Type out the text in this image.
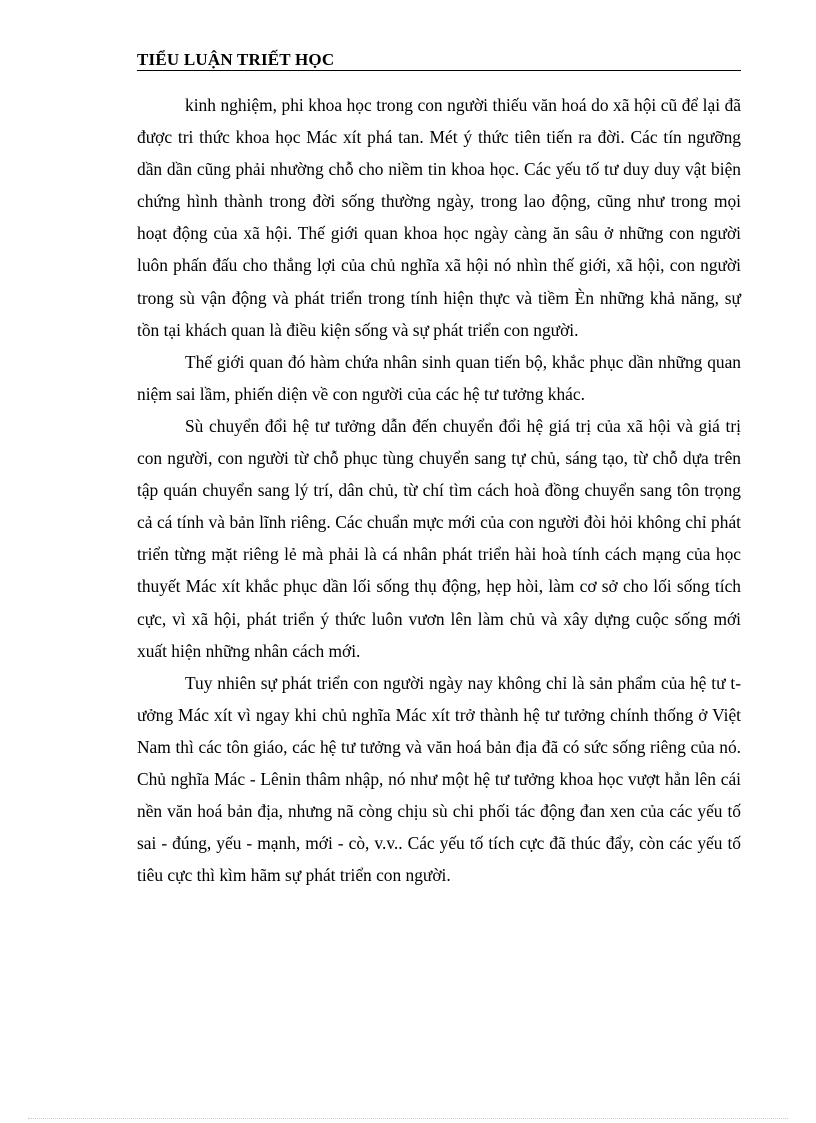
TIỂU LUẬN TRIẾT HỌC

kinh nghiệm, phi khoa học trong con người thiếu văn hoá do xã hội cũ để lại đã được tri thức khoa học Mác xít phá tan. Mét ý thức tiên tiến ra đời. Các tín ngưỡng dần dần cũng phải nhường chỗ cho niềm tin khoa học. Các yếu tố tư duy duy vật biện chứng hình thành trong đời sống thường ngày, trong lao động, cũng như trong mọi hoạt động của xã hội. Thế giới quan khoa học ngày càng ăn sâu ở những con người luôn phấn đấu cho thắng lợi của chủ nghĩa xã hội nó nhìn thế giới, xã hội, con người trong sù vận động và phát triển trong tính hiện thực và tiềm Èn những khả năng, sự tồn tại khách quan là điều kiện sống và sự phát triển con người.

Thế giới quan đó hàm chứa nhân sinh quan tiến bộ, khắc phục dần những quan niệm sai lầm, phiến diện về con người của các hệ tư tưởng khác.

Sù chuyển đổi hệ tư tưởng dẫn đến chuyển đổi hệ giá trị của xã hội và giá trị con người, con người từ chỗ phục tùng chuyển sang tự chủ, sáng tạo, từ chỗ dựa trên tập quán chuyển sang lý trí, dân chủ, từ chí tìm cách hoà đồng chuyển sang tôn trọng cả cá tính và bản lĩnh riêng. Các chuẩn mực mới của con người đòi hỏi không chỉ phát triển từng mặt riêng lẻ mà phải là cá nhân phát triển hài hoà tính cách mạng của học thuyết Mác xít khắc phục dần lối sống thụ động, hẹp hòi, làm cơ sở cho lối sống tích cực, vì xã hội, phát triển ý thức luôn vươn lên làm chủ và xây dựng cuộc sống mới xuất hiện những nhân cách mới.

Tuy nhiên sự phát triển con người ngày nay không chỉ là sản phẩm của hệ tư tưởng Mác xít vì ngay khi chủ nghĩa Mác xít trở thành hệ tư tưởng chính thống ở Việt Nam thì các tôn giáo, các hệ tư tưởng và văn hoá bản địa đã có sức sống riêng của nó. Chủ nghĩa Mác - Lênin thâm nhập, nó như một hệ tư tưởng khoa học vượt hẳn lên cái nền văn hoá bản địa, nhưng nã còng chịu sù chi phối tác động đan xen của các yếu tố sai - đúng, yếu - mạnh, mới - cò, v.v.. Các yếu tố tích cực đã thúc đẩy, còn các yếu tố tiêu cực thì kìm hãm sự phát triển con người.
